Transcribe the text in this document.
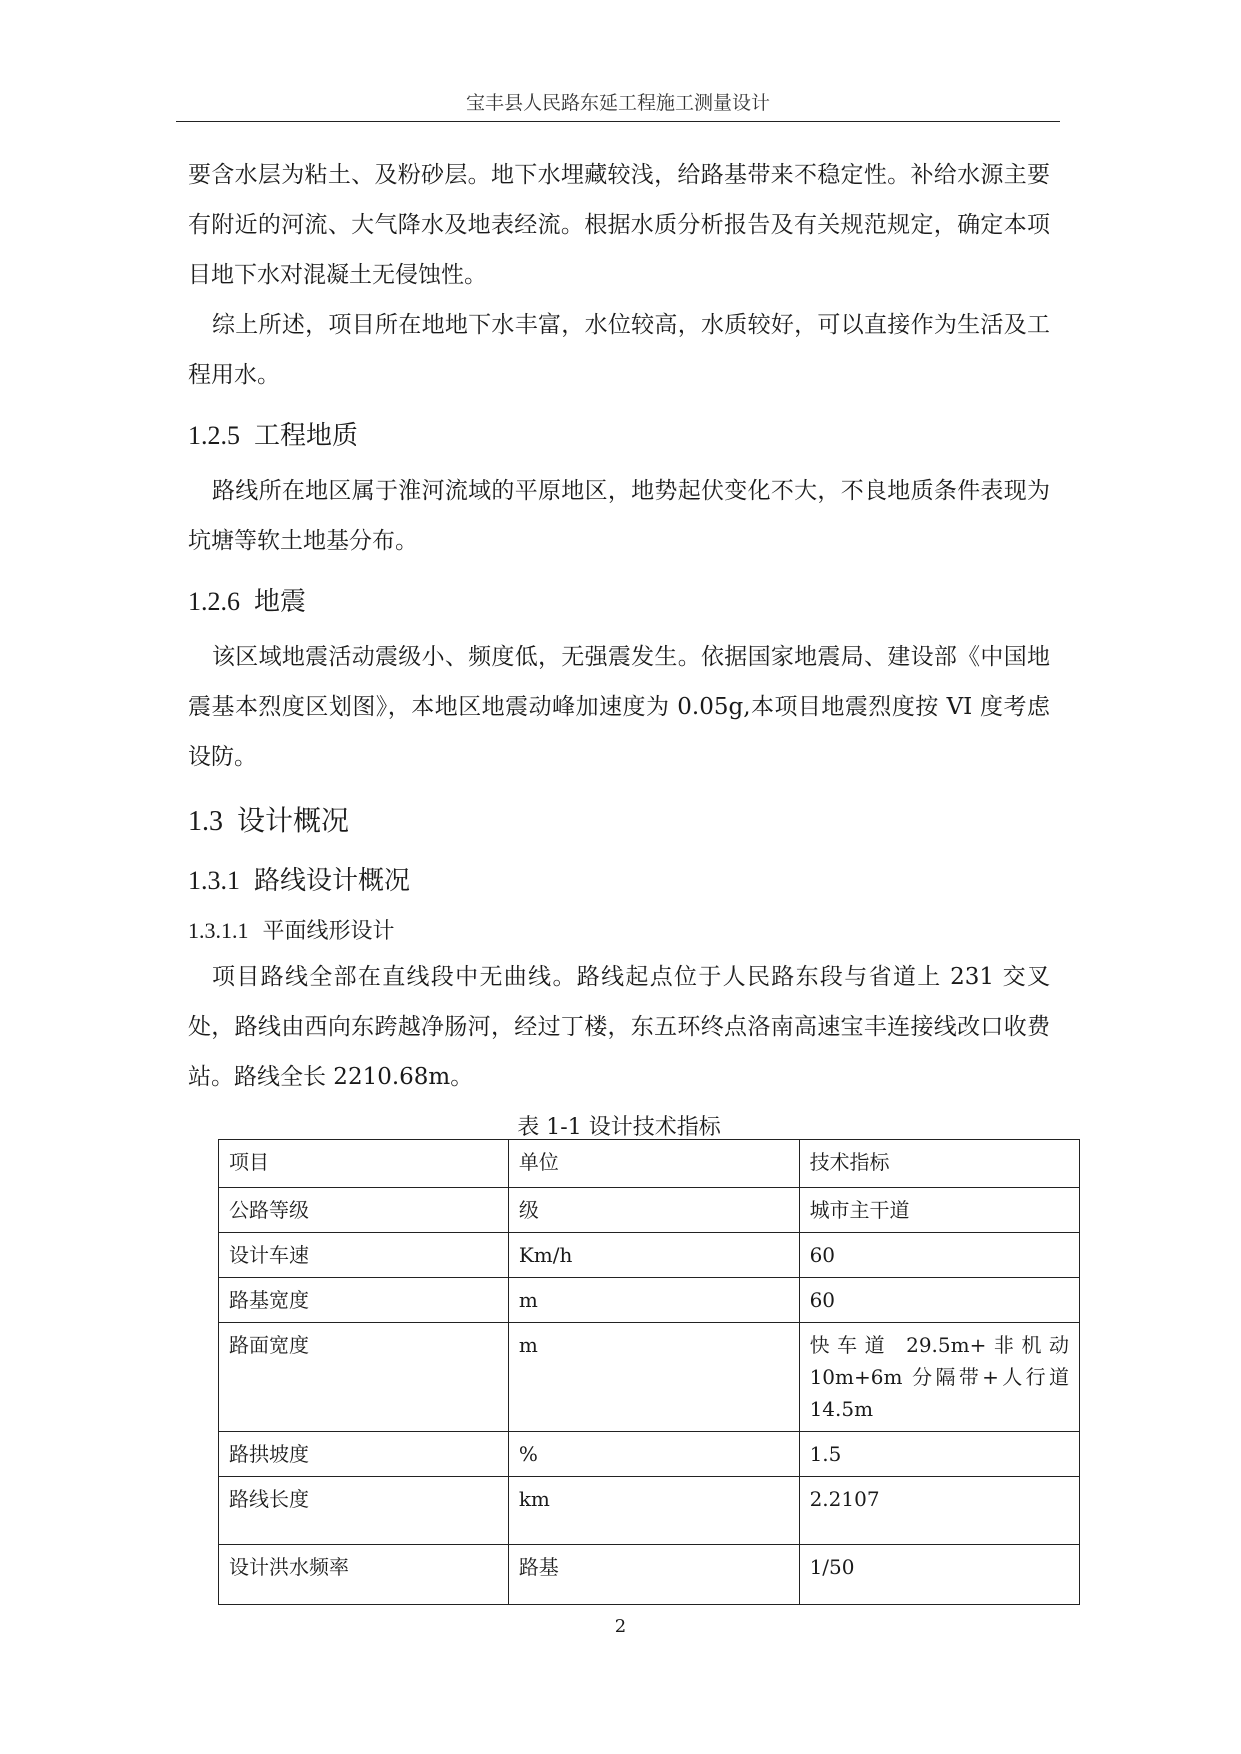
宝丰县人民路东延工程施工测量设计

要含水层为粘土、及粉砂层。地下水埋藏较浅，给路基带来不稳定性。补给水源主要有附近的河流、大气降水及地表经流。根据水质分析报告及有关规范规定，确定本项目地下水对混凝土无侵蚀性。

综上所述，项目所在地地下水丰富，水位较高，水质较好，可以直接作为生活及工程用水。

1.2.5 工程地质

路线所在地区属于淮河流域的平原地区，地势起伏变化不大，不良地质条件表现为坑塘等软土地基分布。

1.2.6 地震

该区域地震活动震级小、频度低，无强震发生。依据国家地震局、建设部《中国地震基本烈度区划图》，本地区地震动峰加速度为 0.05g,本项目地震烈度按 VI 度考虑设防。

1.3 设计概况
1.3.1 路线设计概况
1.3.1.1 平面线形设计

项目路线全部在直线段中无曲线。路线起点位于人民路东段与省道上 231 交叉处，路线由西向东跨越净肠河，经过丁楼，东五环终点洛南高速宝丰连接线改口收费站。路线全长 2210.68m。

表 1-1 设计技术指标
项目	单位	技术指标
公路等级	级	城市主干道
设计车速	Km/h	60
路基宽度	m	60
路面宽度	m	快车道 29.5m+非机动 10m+6m 分隔带+人行道 14.5m
路拱坡度	%	1.5
路线长度	km	2.2107
设计洪水频率	路基	1/50
2
